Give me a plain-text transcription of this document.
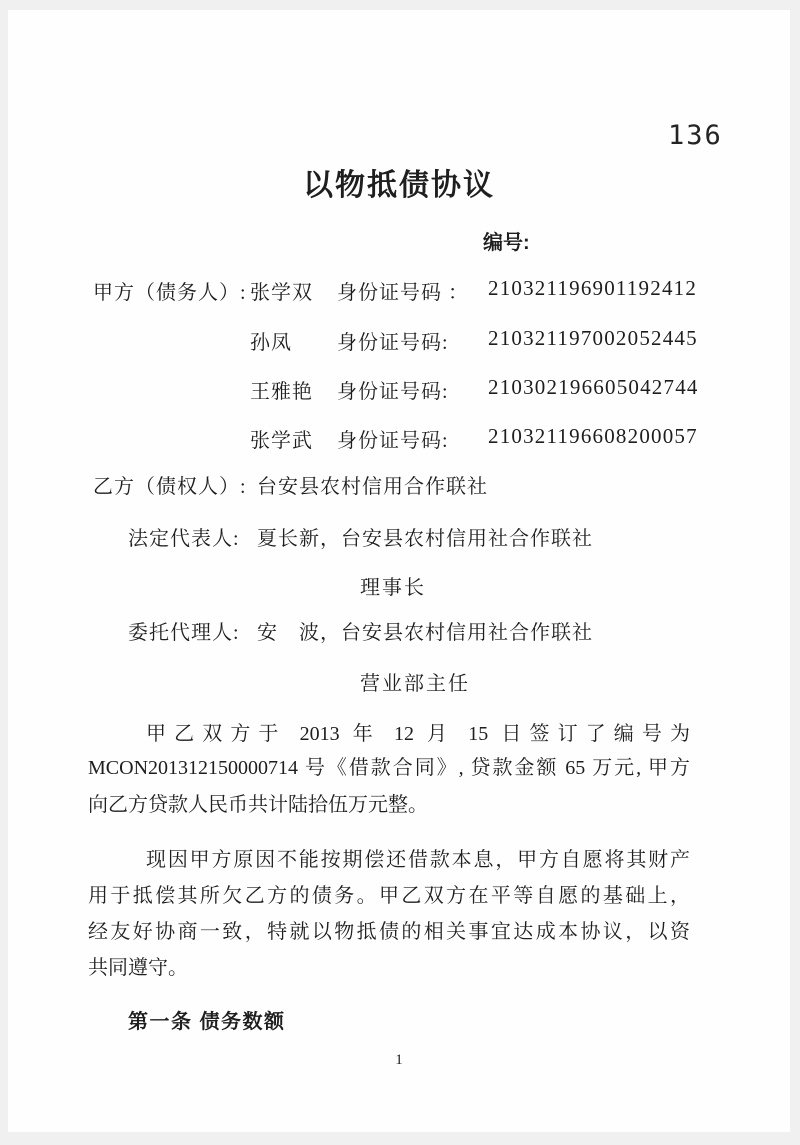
136
以物抵债协议
编号:
甲方（债务人）: 张学双 身份证号码 ： 210321196901192412
孙凤 身份证号码: 210321197002052445
王雅艳 身份证号码: 210302196605042744
张学武 身份证号码: 210321196608200057
乙方（债权人）: 台安县农村信用合作联社
法定代表人: 夏长新，台安县农村信用社合作联社
理事长
委托代理人: 安　波，台安县农村信用社合作联社
营业部主任
甲乙双方于 2013 年 12 月 15 日签订了编号为
MCON201312150000714 号《借款合同》, 贷款金额 65 万元, 甲方
向乙方贷款人民币共计陆拾伍万元整。
现因甲方原因不能按期偿还借款本息，甲方自愿将其财产
用于抵偿其所欠乙方的债务。甲乙双方在平等自愿的基础上，
经友好协商一致，特就以物抵债的相关事宜达成本协议，以资
共同遵守。
第一条 债务数额
1
